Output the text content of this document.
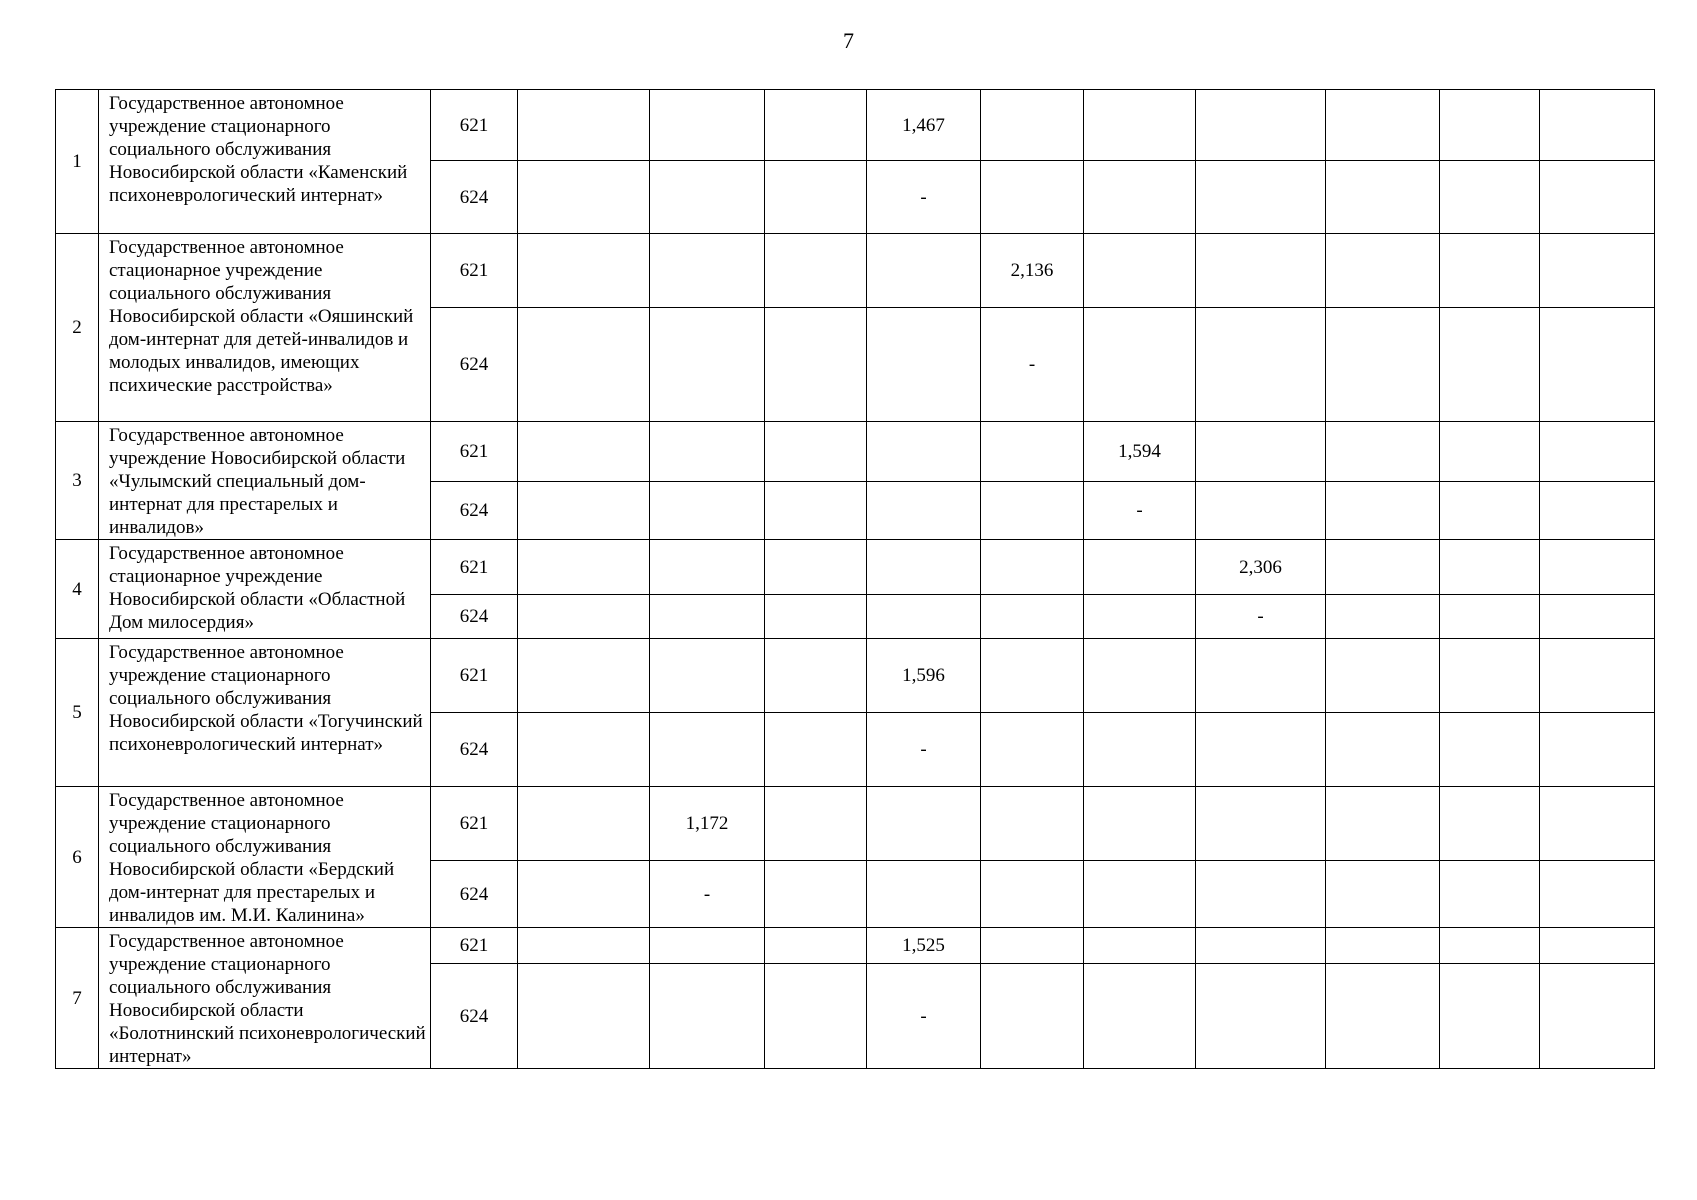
7
1	Государственное автономное учреждение стационарного социального обслуживания Новосибирской области «Каменский психоневрологический интернат»	621				1,467						
		624				-						
2	Государственное автономное стационарное учреждение социального обслуживания Новосибирской области «Ояшинский дом-интернат для детей-инвалидов и молодых инвалидов, имеющих психические расстройства»	621					2,136					
		624					-					
3	Государственное автономное учреждение Новосибирской области «Чулымский специальный дом-интернат для престарелых и инвалидов»	621						1,594				
		624						-				
4	Государственное автономное стационарное учреждение Новосибирской области «Областной Дом милосердия»	621							2,306			
		624							-			
5	Государственное автономное учреждение стационарного социального обслуживания Новосибирской области «Тогучинский психоневрологический интернат»	621				1,596						
		624				-						
6	Государственное автономное учреждение стационарного социального обслуживания Новосибирской области «Бердский дом-интернат для престарелых и инвалидов им. М.И. Калинина»	621		1,172								
		624		-								
7	Государственное автономное учреждение стационарного социального обслуживания Новосибирской области «Болотнинский психоневрологический интернат»	621				1,525						
		624				-						
